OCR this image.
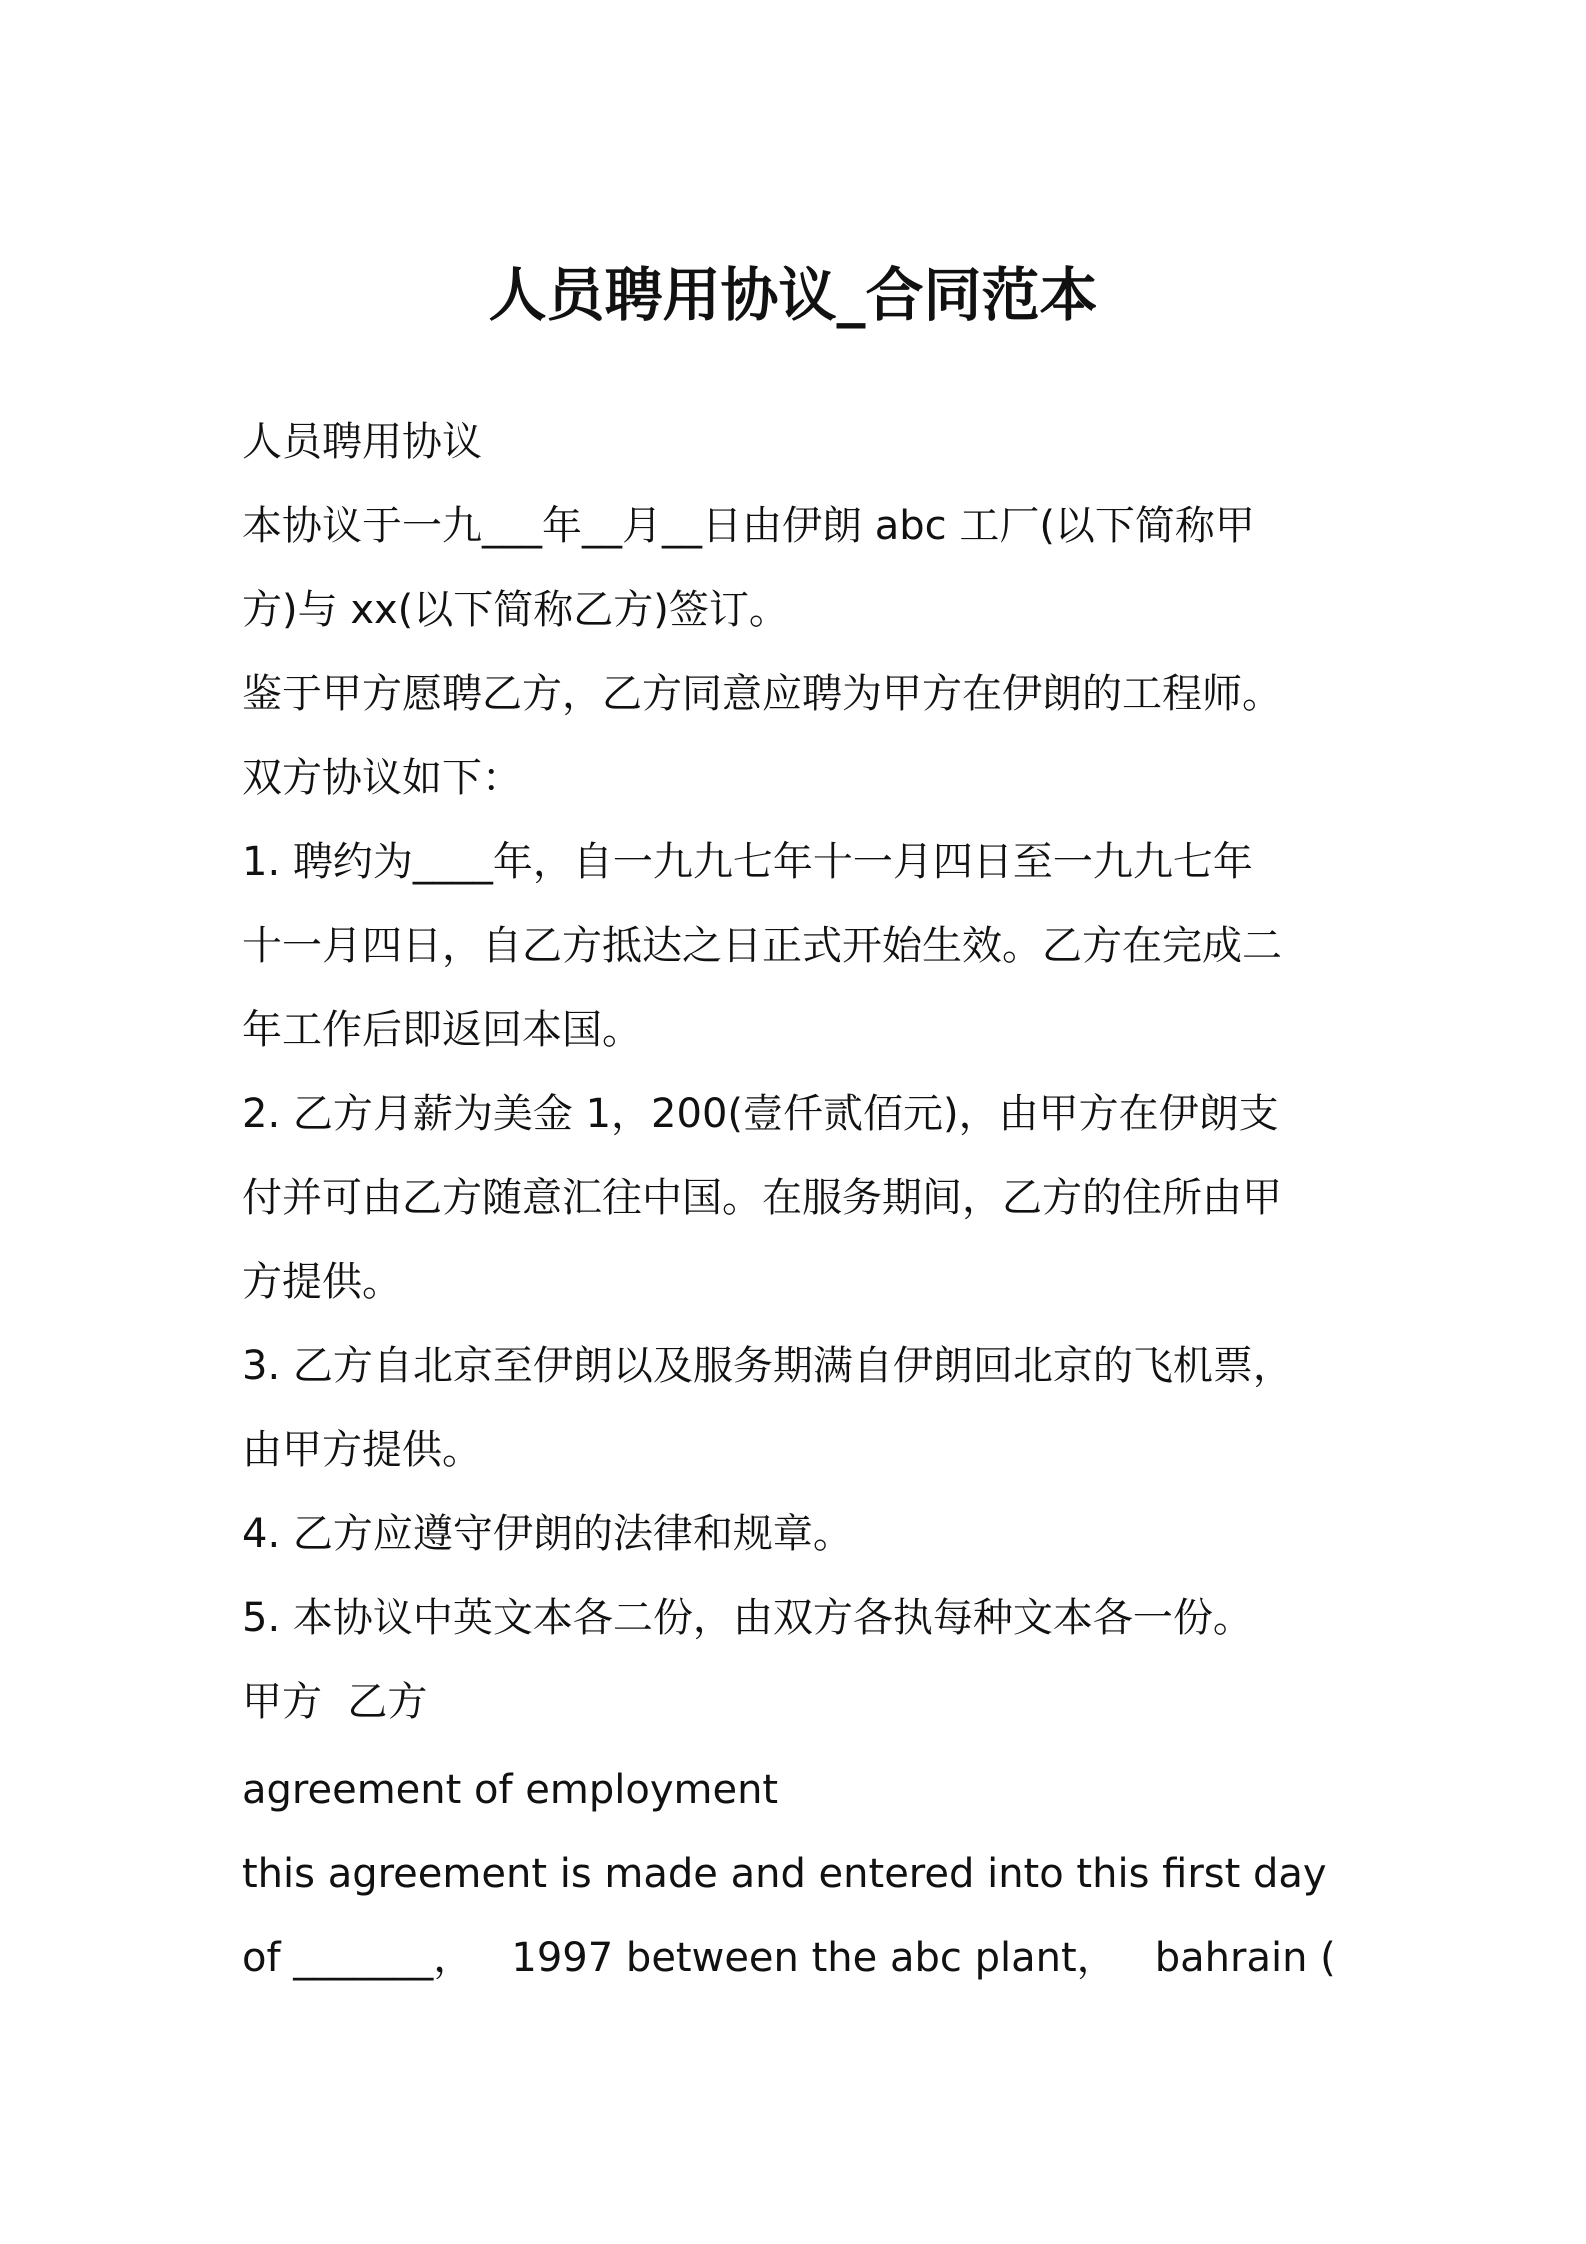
人员聘用协议_合同范本
人员聘用协议
本协议于一九___年__月__日由伊朗 abc 工厂(以下简称甲
方)与 xx(以下简称乙方)签订。
鉴于甲方愿聘乙方，乙方同意应聘为甲方在伊朗的工程师。
双方协议如下：
1. 聘约为____年，自一九九七年十一月四日至一九九七年
十一月四日，自乙方抵达之日正式开始生效。乙方在完成二
年工作后即返回本国。
2. 乙方月薪为美金 1，200(壹仟贰佰元)，由甲方在伊朗支
付并可由乙方随意汇往中国。在服务期间，乙方的住所由甲
方提供。
3. 乙方自北京至伊朗以及服务期满自伊朗回北京的飞机票，
由甲方提供。
4. 乙方应遵守伊朗的法律和规章。
5. 本协议中英文本各二份，由双方各执每种文本各一份。
甲方  乙方
agreement of employment
this agreement is made and entered into this first day
of _______，   1997 between the abc plant，   bahrain (
